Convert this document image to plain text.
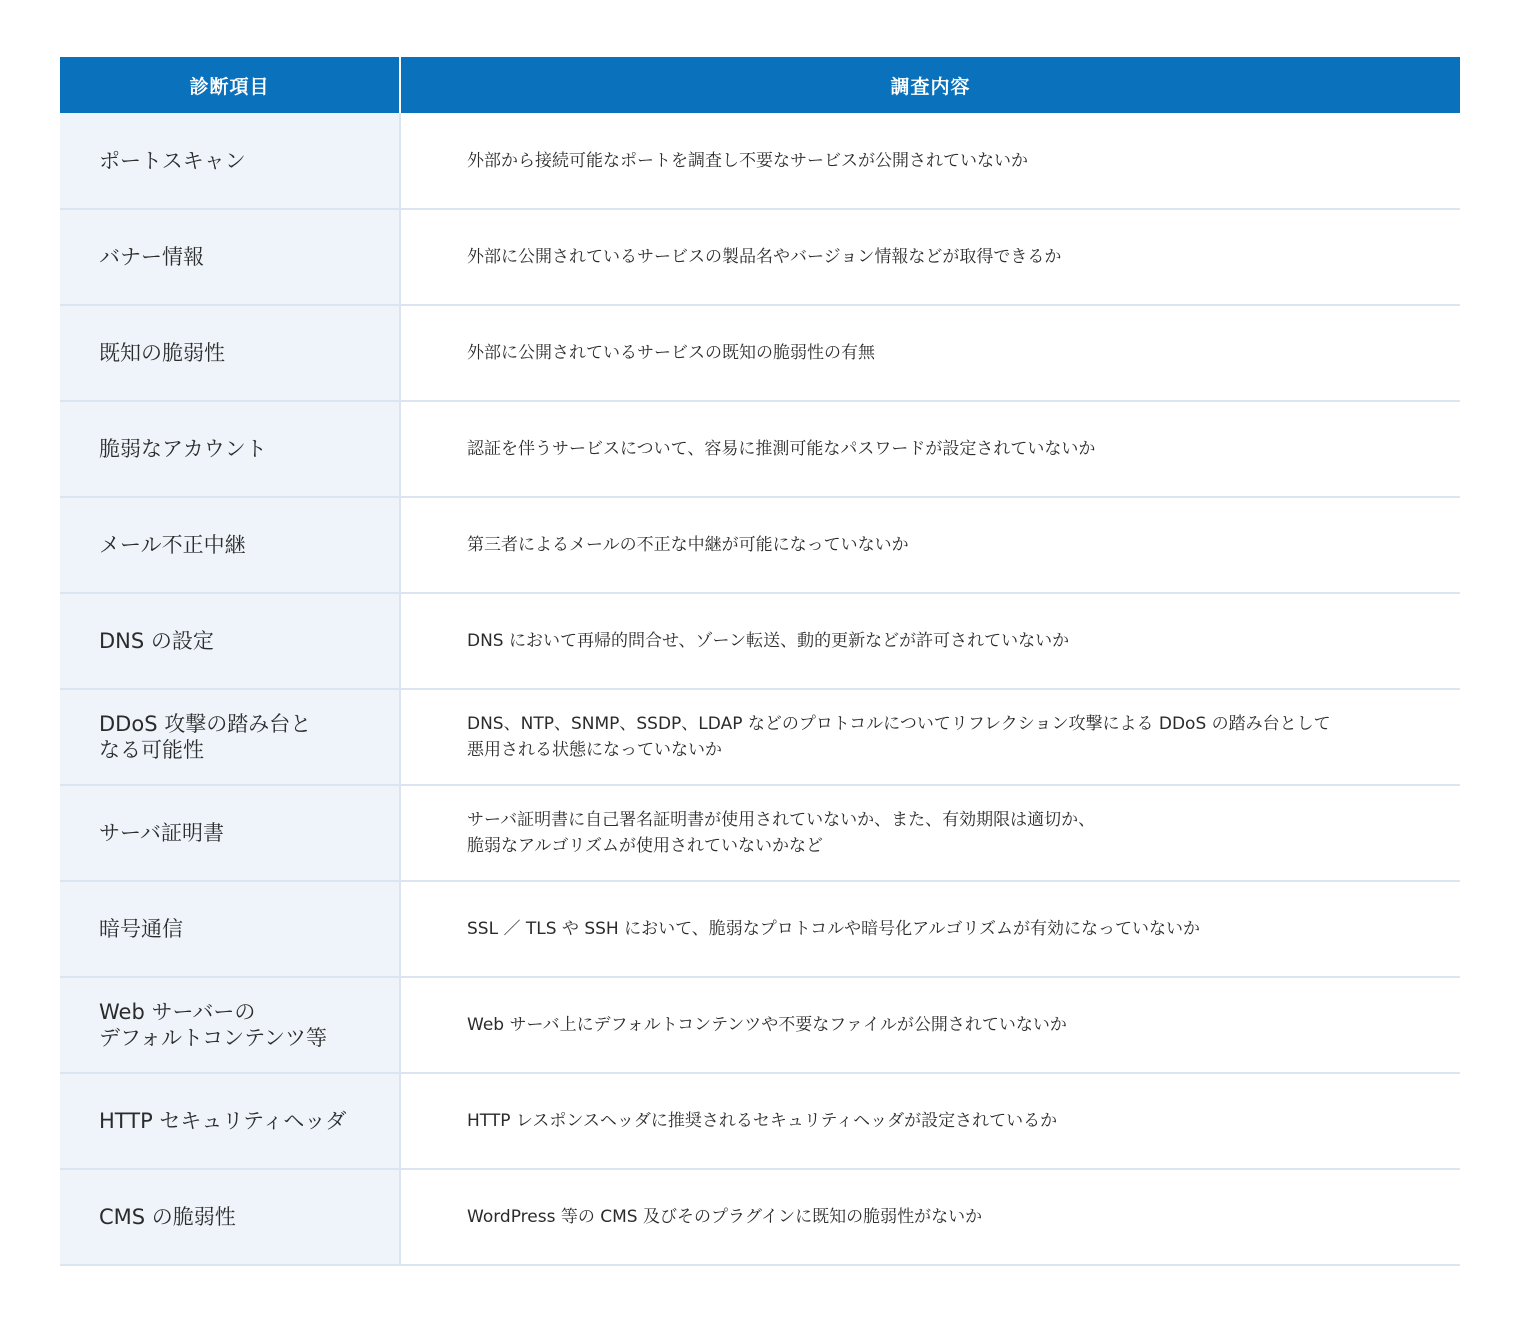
診断項目	調査内容

ポートスキャン	外部から接続可能なポートを調査し不要なサービスが公開されていないか

バナー情報	外部に公開されているサービスの製品名やバージョン情報などが取得できるか

既知の脆弱性	外部に公開されているサービスの既知の脆弱性の有無

脆弱なアカウント	認証を伴うサービスについて、容易に推測可能なパスワードが設定されていないか

メール不正中継	第三者によるメールの不正な中継が可能になっていないか

DNS の設定	DNS において再帰的問合せ、ゾーン転送、動的更新などが許可されていないか

DDoS 攻撃の踏み台と
なる可能性	DNS、NTP、SNMP、SSDP、LDAP などのプロトコルについてリフレクション攻撃による DDoS の踏み台として
悪用される状態になっていないか

サーバ証明書	サーバ証明書に自己署名証明書が使用されていないか、また、有効期限は適切か、
脆弱なアルゴリズムが使用されていないかなど

暗号通信	SSL ／ TLS や SSH において、脆弱なプロトコルや暗号化アルゴリズムが有効になっていないか

Web サーバーの
デフォルトコンテンツ等	Web サーバ上にデフォルトコンテンツや不要なファイルが公開されていないか

HTTP セキュリティヘッダ	HTTP レスポンスヘッダに推奨されるセキュリティヘッダが設定されているか

CMS の脆弱性	WordPress 等の CMS 及びそのプラグインに既知の脆弱性がないか
